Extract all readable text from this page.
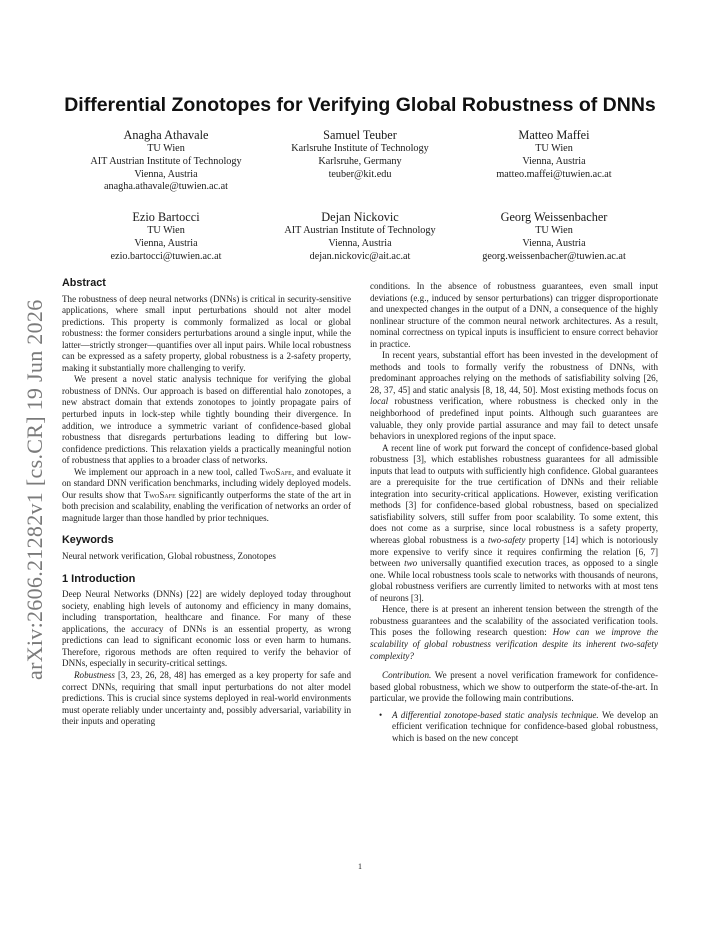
arXiv:2606.21282v1 [cs.CR] 19 Jun 2026
Differential Zonotopes for Verifying Global Robustness of DNNs
Anagha Athavale
TU Wien
AIT Austrian Institute of Technology
Vienna, Austria
anagha.athavale@tuwien.ac.at
Samuel Teuber
Karlsruhe Institute of Technology
Karlsruhe, Germany
teuber@kit.edu
Matteo Maffei
TU Wien
Vienna, Austria
matteo.maffei@tuwien.ac.at
Ezio Bartocci
TU Wien
Vienna, Austria
ezio.bartocci@tuwien.ac.at
Dejan Nickovic
AIT Austrian Institute of Technology
Vienna, Austria
dejan.nickovic@ait.ac.at
Georg Weissenbacher
TU Wien
Vienna, Austria
georg.weissenbacher@tuwien.ac.at
Abstract

The robustness of deep neural networks (DNNs) is critical in security-sensitive applications, where small input perturbations should not alter model predictions. This property is commonly formalized as local or global robustness: the former considers perturbations around a single input, while the latter—strictly stronger—quantifies over all input pairs. While local robustness can be expressed as a safety property, global robustness is a 2-safety property, making it substantially more challenging to verify.

We present a novel static analysis technique for verifying the global robustness of DNNs. Our approach is based on differential halo zonotopes, a new abstract domain that extends zonotopes to jointly propagate pairs of perturbed inputs in lock-step while tightly bounding their divergence. In addition, we introduce a symmetric variant of confidence-based global robustness that disregards perturbations leading to differing but low-confidence predictions. This relaxation yields a practically meaningful notion of robustness that applies to a broader class of networks.

We implement our approach in a new tool, called TwoSafe, and evaluate it on standard DNN verification benchmarks, including widely deployed models. Our results show that TwoSafe significantly outperforms the state of the art in both precision and scalability, enabling the verification of networks an order of magnitude larger than those handled by prior techniques.

Keywords

Neural network verification, Global robustness, Zonotopes

1 Introduction

Deep Neural Networks (DNNs) [22] are widely deployed today throughout society, enabling high levels of autonomy and efficiency in many domains, including transportation, healthcare and finance. For many of these applications, the accuracy of DNNs is an essential property, as wrong predictions can lead to significant economic loss or even harm to humans. Therefore, rigorous methods are often required to verify the behavior of DNNs, especially in security-critical settings.

Robustness [3, 23, 26, 28, 48] has emerged as a key property for safe and correct DNNs, requiring that small input perturbations do not alter model predictions. This is crucial since systems deployed in real-world environments must operate reliably under uncertainty and, possibly adversarial, variability in their inputs and operating

conditions. In the absence of robustness guarantees, even small input deviations (e.g., induced by sensor perturbations) can trigger disproportionate and unexpected changes in the output of a DNN, a consequence of the highly nonlinear structure of the common neural network architectures. As a result, nominal correctness on typical inputs is insufficient to ensure correct behavior in practice.

In recent years, substantial effort has been invested in the development of methods and tools to formally verify the robustness of DNNs, with predominant approaches relying on the methods of satisfiability solving [26, 28, 37, 45] and static analysis [8, 18, 44, 50]. Most existing methods focus on local robustness verification, where robustness is checked only in the neighborhood of predefined input points. Although such guarantees are valuable, they only provide partial assurance and may fail to detect unsafe behaviors in unexplored regions of the input space.

A recent line of work put forward the concept of confidence-based global robustness [3], which establishes robustness guarantees for all admissible inputs that lead to outputs with sufficiently high confidence. Global guarantees are a prerequisite for the true certification of DNNs and their reliable integration into security-critical applications. However, existing verification methods [3] for confidence-based global robustness, based on specialized satisfiability solvers, still suffer from poor scalability. To some extent, this does not come as a surprise, since local robustness is a safety property, whereas global robustness is a two-safety property [14] which is notoriously more expensive to verify since it requires confirming the relation [6, 7] between two universally quantified execution traces, as opposed to a single one. While local robustness tools scale to networks with thousands of neurons, global robustness verifiers are currently limited to networks with at most tens of neurons [3].

Hence, there is at present an inherent tension between the strength of the robustness guarantees and the scalability of the associated verification tools. This poses the following research question: How can we improve the scalability of global robustness verification despite its inherent two-safety complexity?

Contribution. We present a novel verification framework for confidence-based global robustness, which we show to outperform the state-of-the-art. In particular, we provide the following main contributions.

• A differential zonotope-based static analysis technique. We develop an efficient verification technique for confidence-based global robustness, which is based on the new concept

1
